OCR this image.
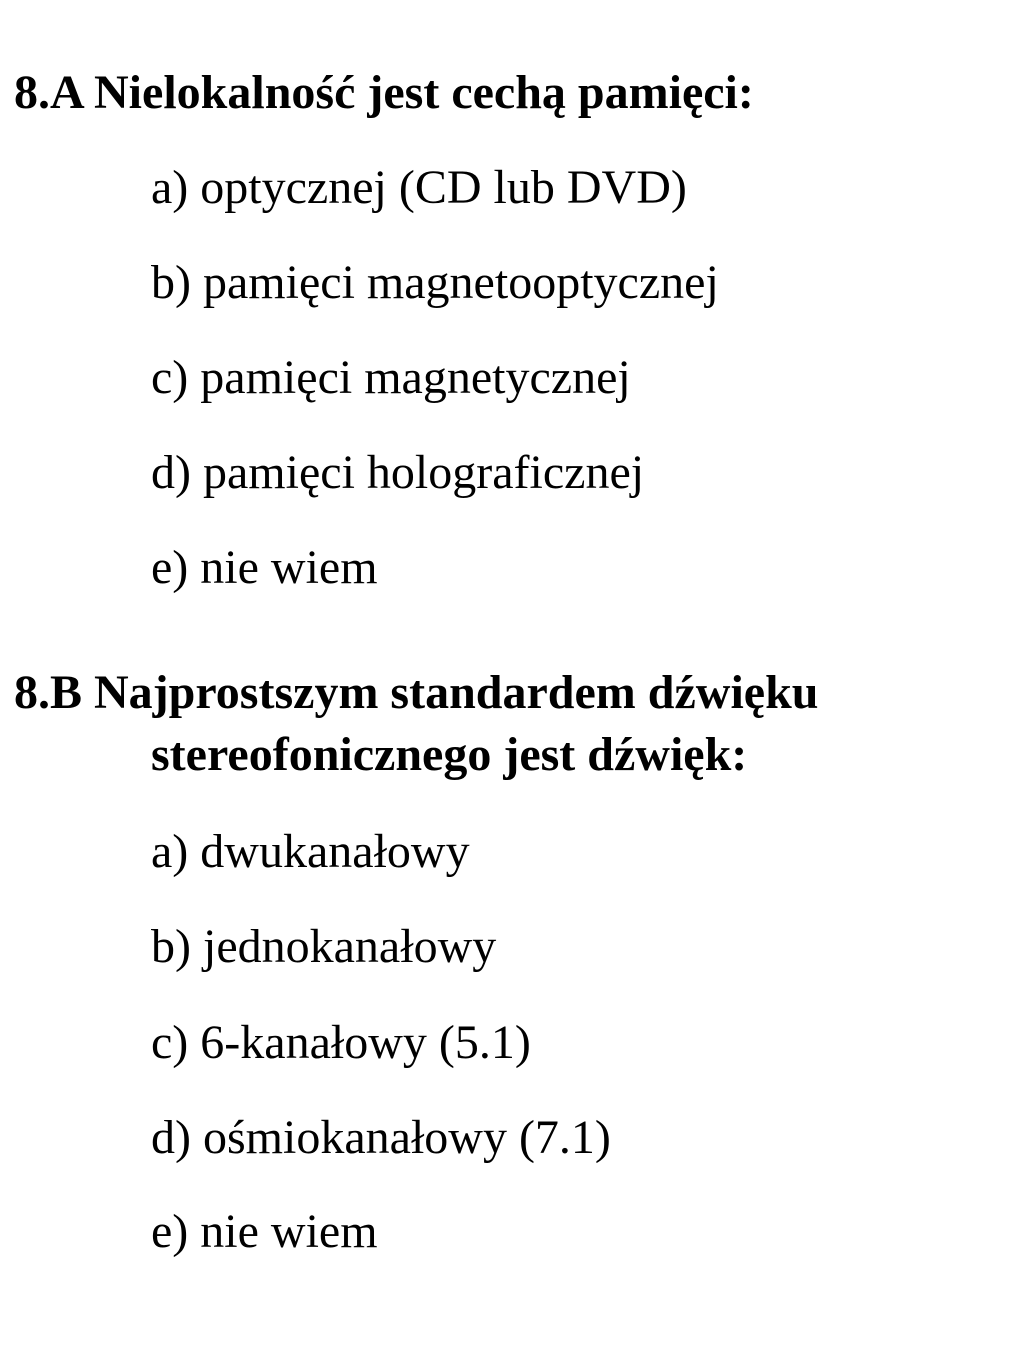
8.A Nielokalność jest cechą pamięci:
a) optycznej (CD lub DVD)
b) pamięci magnetooptycznej
c) pamięci magnetycznej
d) pamięci holograficznej
e) nie wiem
8.B Najprostszym standardem dźwięku
stereofonicznego jest dźwięk:
a) dwukanałowy
b) jednokanałowy
c) 6-kanałowy (5.1)
d) ośmiokanałowy (7.1)
e) nie wiem
